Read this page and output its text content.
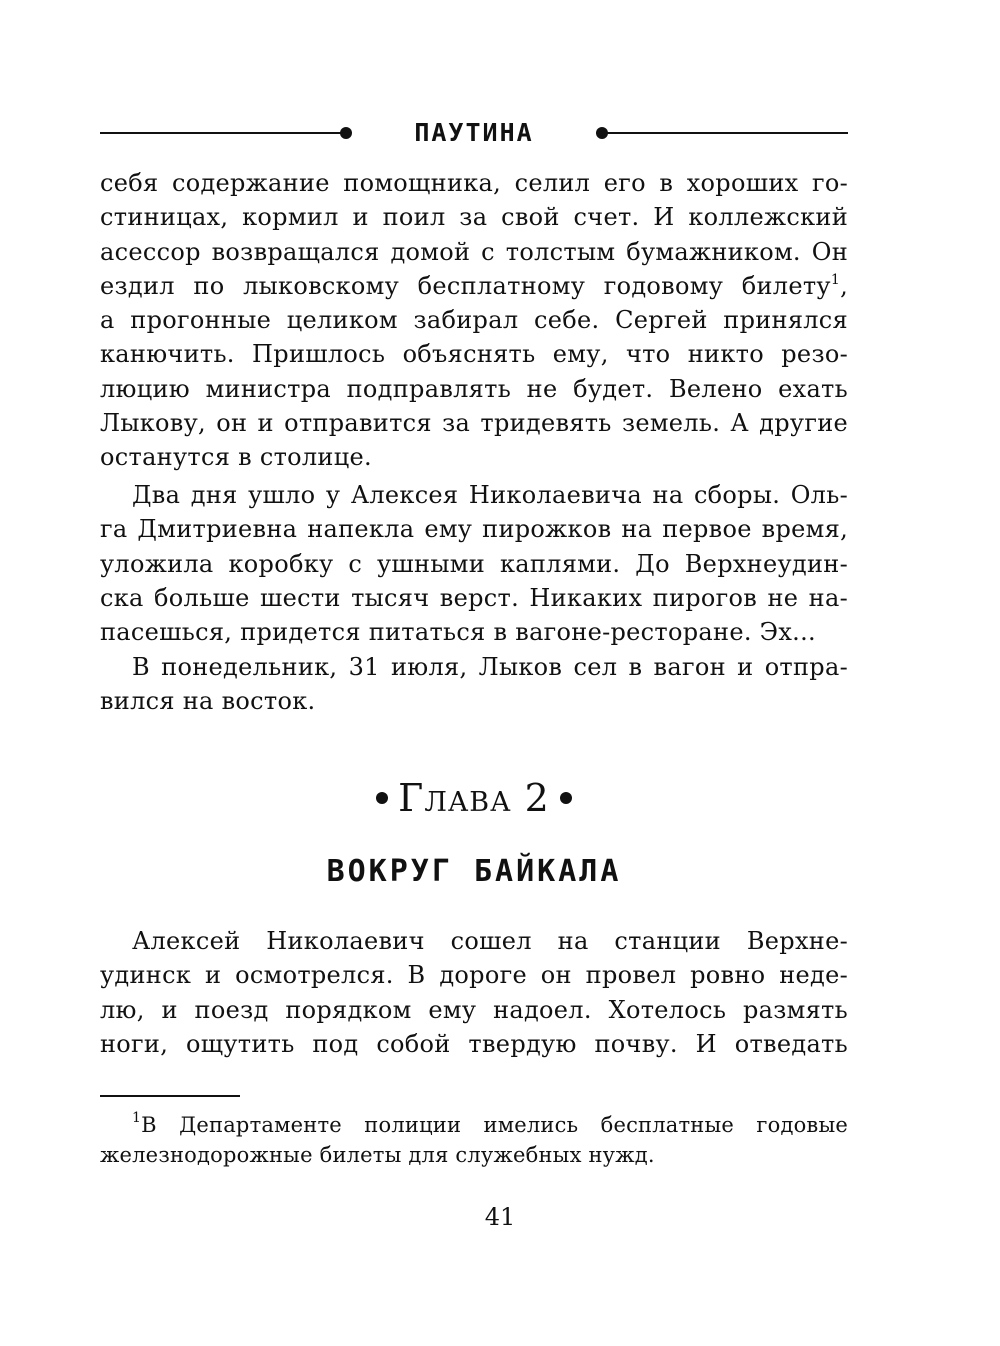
ПАУТИНА
себя содержание помощника, селил его в хороших го-
стиницах, кормил и поил за свой счет. И коллежский
асессор возвращался домой с толстым бумажником. Он
ездил по лыковскому бесплатному годовому билету$^1$,
а прогонные целиком забирал себе. Сергей принялся
канючить. Пришлось объяснять ему, что никто резо-
люцию министра подправлять не будет. Велено ехать
Лыкову, он и отправится за тридевять земель. А другие
останутся в столице.
Два дня ушло у Алексея Николаевича на сборы. Оль-
га Дмитриевна напекла ему пирожков на первое время,
уложила коробку с ушными каплями. До Верхнеудин-
ска больше шести тысяч верст. Никаких пирогов не на-
пасешься, придется питаться в вагоне-ресторане. Эх...
В понедельник, 31 июля, Лыков сел в вагон и отпра-
вился на восток.
Глава 2
ВОКРУГ БАЙКАЛА
Алексей Николаевич сошел на станции Верхне-
удинск и осмотрелся. В дороге он провел ровно неде-
лю, и поезд порядком ему надоел. Хотелось размять
ноги, ощутить под собой твердую почву. И отведать
$^1$В Департаменте полиции имелись бесплатные годовые
железнодорожные билеты для служебных нужд.
41
